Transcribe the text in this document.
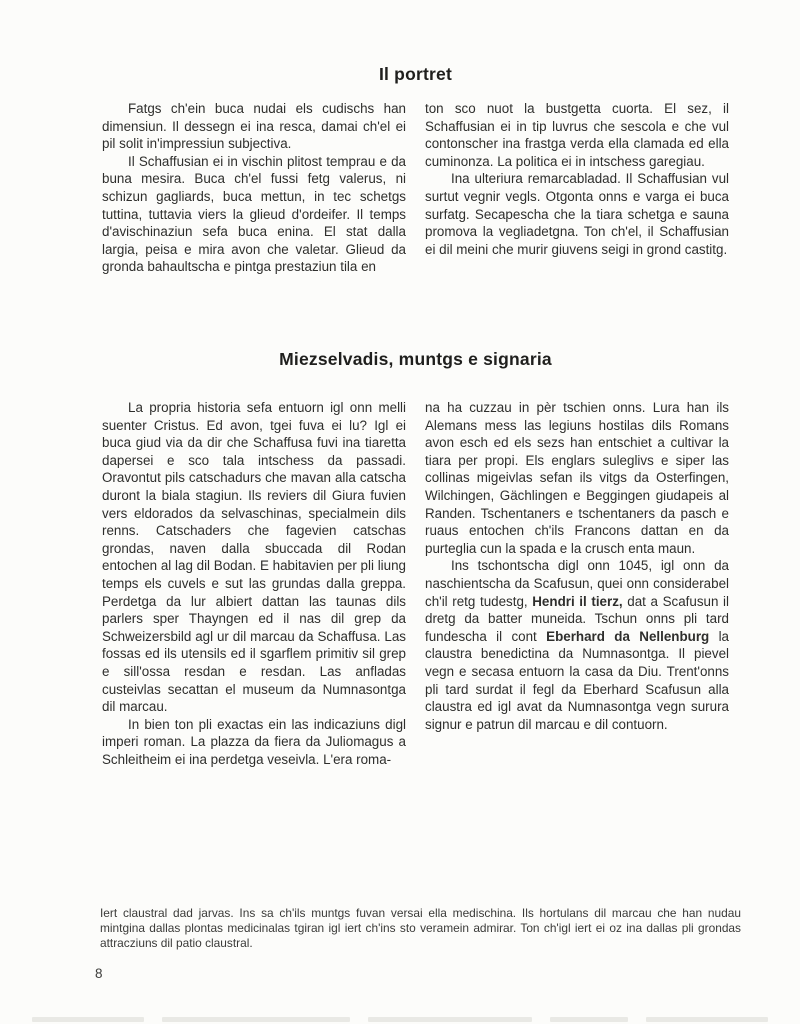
Il portret

Fatgs ch'ein buca nudai els cudischs han dimensiun. Il dessegn ei ina resca, damai ch'el ei pil solit in'impressiun subjectiva.

Il Schaffusian ei in vischin plitost temprau e da buna mesira. Buca ch'el fussi fetg valerus, ni schizun gagliards, buca mettun, in tec schetgs tuttina, tuttavia viers la glieud d'ordeifer. Il temps d'avischinaziun sefa buca enina. El stat dalla largia, peisa e mira avon che valetar. Glieud da gronda bahaultscha e pintga prestaziun tila en

ton sco nuot la bustgetta cuorta. El sez, il Schaffusian ei in tip luvrus che sescola e che vul contonscher ina frastga verda ella clamada ed ella cuminonza. La politica ei in intschess garegiau.

Ina ulteriura remarcabladad. Il Schaffusian vul surtut vegnir vegls. Otgonta onns e varga ei buca surfatg. Secapescha che la tiara schetga e sauna promova la vegliadetgna. Ton ch'el, il Schaffusian ei dil meini che murir giuvens seigi in grond castitg.

Miezselvadis, muntgs e signaria

La propria historia sefa entuorn igl onn melli suenter Cristus. Ed avon, tgei fuva ei lu? Igl ei buca giud via da dir che Schaffusa fuvi ina tiaretta dapersei e sco tala intschess da passadi. Oravontut pils catschadurs che mavan alla catscha duront la biala stagiun. Ils reviers dil Giura fuvien vers eldorados da selvaschinas, specialmein dils renns. Catschaders che fagevien catschas grondas, naven dalla sbuccada dil Rodan entochen al lag dil Bodan. E habitavien per pli liung temps els cuvels e sut las grundas dalla greppa. Perdetga da lur albiert dattan las taunas dils parlers sper Thayngen ed il nas dil grep da Schweizersbild agl ur dil marcau da Schaffusa. Las fossas ed ils utensils ed il sgarflem primitiv sil grep e sill'ossa resdan e resdan. Las anfladas custeivlas secattan el museum da Numnasontga dil marcau.

In bien ton pli exactas ein las indicaziuns digl imperi roman. La plazza da fiera da Juliomagus a Schleitheim ei ina perdetga veseivla. L'era roma-

na ha cuzzau in pèr tschien onns. Lura han ils Alemans mess las legiuns hostilas dils Romans avon esch ed els sezs han entschiet a cultivar la tiara per propi. Els englars suleglivs e siper las collinas migeivlas sefan ils vitgs da Osterfingen, Wilchingen, Gächlingen e Beggingen giudapeis al Randen. Tschentaners e tschentaners da pasch e ruaus entochen ch'ils Francons dattan en da purteglia cun la spada e la crusch enta maun.

Ins tschontscha digl onn 1045, igl onn da naschientscha da Scafusun, quei onn considerabel ch'il retg tudestg, Hendri il tierz, dat a Scafusun il dretg da batter muneida. Tschun onns pli tard fundescha il cont Eberhard da Nellenburg la claustra benedictina da Numnasontga. Il pievel vegn e secasa entuorn la casa da Diu. Trent'onns pli tard surdat il fegl da Eberhard Scafusun alla claustra ed igl avat da Numnasontga vegn surura signur e patrun dil marcau e dil contuorn.

Iert claustral dad jarvas. Ins sa ch'ils muntgs fuvan versai ella medischina. Ils hortulans dil marcau che han nudau mintgina dallas plontas medicinalas tgiran igl iert ch'ins sto veramein admirar. Ton ch'igl iert ei oz ina dallas pli grondas attracziuns dil patio claustral.
8
